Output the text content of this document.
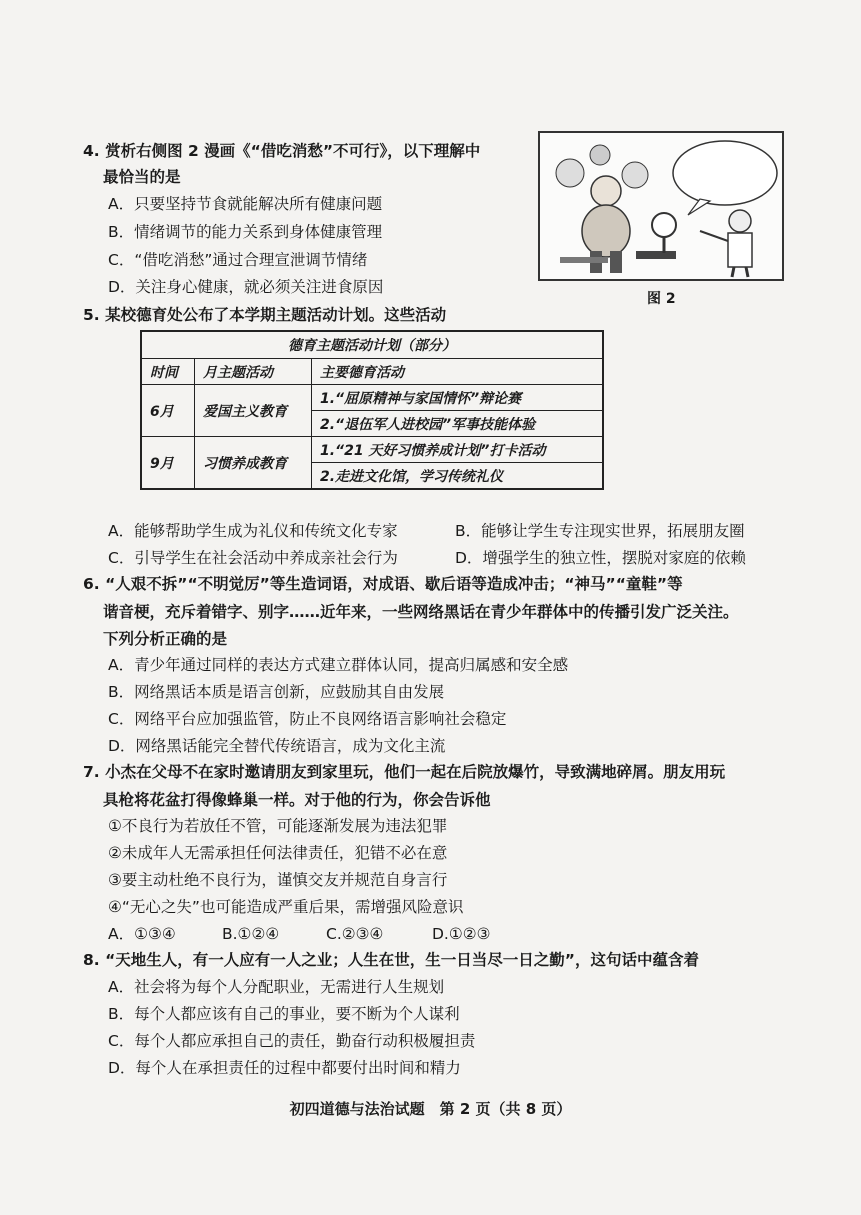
4. 赏析右侧图 2 漫画《“借吃消愁”不可行》，以下理解中
最恰当的是
A．只要坚持节食就能解决所有健康问题
B．情绪调节的能力关系到身体健康管理
C．“借吃消愁”通过合理宣泄调节情绪
D．关注身心健康，就必须关注进食原因
图 2
5. 某校德育处公布了本学期主题活动计划。这些活动
德育主题活动计划（部分）		
时间	月主题活动	主要德育活动
6月	爱国主义教育	1.“屈原精神与家国情怀”辩论赛
		2.“退伍军人进校园”军事技能体验
9月	习惯养成教育	1.“21 天好习惯养成计划”打卡活动
		2.走进文化馆，学习传统礼仪
A．能够帮助学生成为礼仪和传统文化专家	B．能够让学生专注现实世界，拓展朋友圈
C．引导学生在社会活动中养成亲社会行为	D．增强学生的独立性，摆脱对家庭的依赖
6. “人艰不拆”“不明觉厉”等生造词语，对成语、歇后语等造成冲击；“神马”“童鞋”等
谐音梗，充斥着错字、别字……近年来，一些网络黑话在青少年群体中的传播引发广泛关注。
下列分析正确的是
A．青少年通过同样的表达方式建立群体认同，提高归属感和安全感
B．网络黑话本质是语言创新，应鼓励其自由发展
C．网络平台应加强监管，防止不良网络语言影响社会稳定
D．网络黑话能完全替代传统语言，成为文化主流
7. 小杰在父母不在家时邀请朋友到家里玩，他们一起在后院放爆竹，导致满地碎屑。朋友用玩
具枪将花盆打得像蜂巢一样。对于他的行为，你会告诉他
①不良行为若放任不管，可能逐渐发展为违法犯罪
②未成年人无需承担任何法律责任，犯错不必在意
③要主动杜绝不良行为，谨慎交友并规范自身言行
④“无心之失”也可能造成严重后果，需增强风险意识
A．①③④	B.①②④	C.②③④	D.①②③
8. “天地生人，有一人应有一人之业；人生在世，生一日当尽一日之勤”，这句话中蕴含着
A．社会将为每个人分配职业，无需进行人生规划
B．每个人都应该有自己的事业，要不断为个人谋利
C．每个人都应承担自己的责任，勤奋行动积极履担责
D．每个人在承担责任的过程中都要付出时间和精力
初四道德与法治试题　第 2 页（共 8 页）
